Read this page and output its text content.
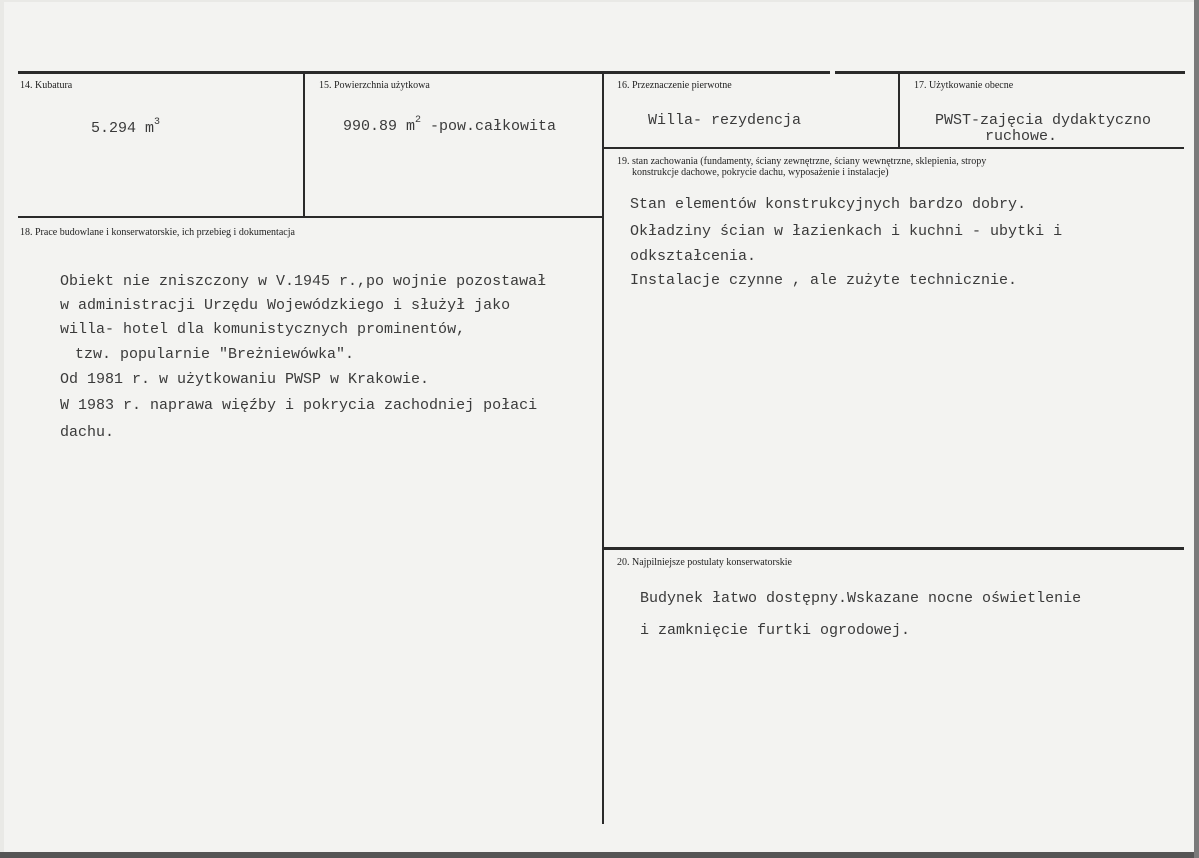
14. Kubatura
5.294 $m^3$
15. Powierzchnia użytkowa
990.89 $m^2$ -pow.całkowita
16. Przeznaczenie pierwotne
Willa- rezydencja
17. Użytkowanie obecne
PWST-zajęcia dydaktyczno
ruchowe.
19. stan zachowania (fundamenty, ściany zewnętrzne, ściany wewnętrzne, sklepienia, stropy
konstrukcje dachowe, pokrycie dachu, wyposażenie i instalacje)
Stan elementów konstrukcyjnych bardzo dobry.
Okładziny ścian w łazienkach i kuchni - ubytki i
odkształcenia.
Instalacje czynne , ale zużyte technicznie.
18. Prace budowlane i konserwatorskie, ich przebieg i dokumentacja
Obiekt nie zniszczony w V.1945 r.,po wojnie pozostawał
w administracji Urzędu Wojewódzkiego i służył jako
willa- hotel dla komunistycznych prominentów,
tzw. popularnie "Breżniewówka".
Od 1981 r. w użytkowaniu PWSP w Krakowie.
W 1983 r. naprawa więźby i pokrycia zachodniej połaci
dachu.
20. Najpilniejsze postulaty konserwatorskie
Budynek łatwo dostępny.Wskazane nocne oświetlenie
i zamknięcie furtki ogrodowej.
